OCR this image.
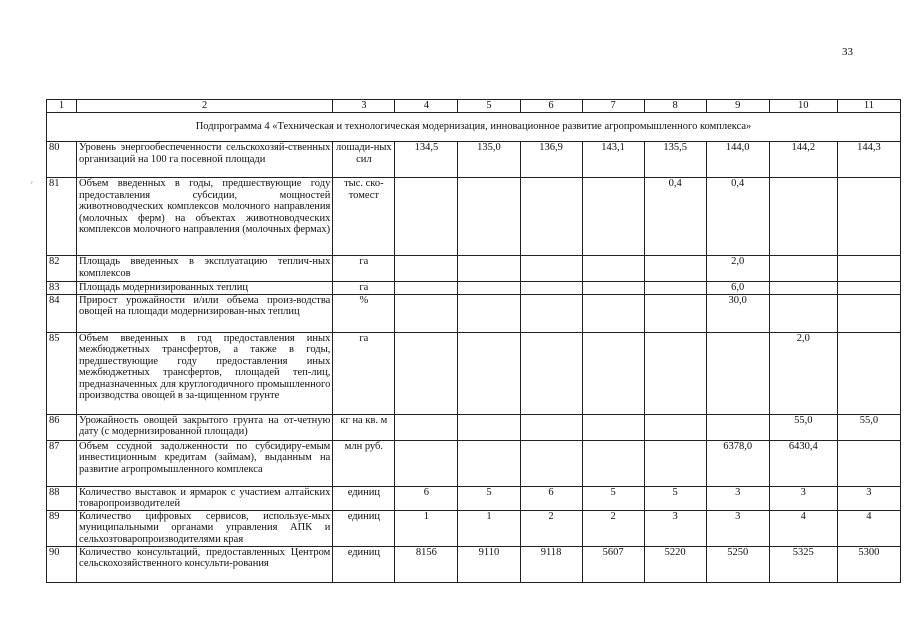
33
′
1	2	3	4	5	6	7	8	9	10	11
Подпрограмма 4 «Техническая и технологическая модернизация, инновационное развитие агропромышленного комплекса»										
80	Уровень энергообеспеченности сельскохозяй-ственных организаций на 100 га посевной площади	лошади-ных сил	134,5	135,0	136,9	143,1	135,5	144,0	144,2	144,3
81	Объем введенных в годы, предшествующие году предоставления субсидии, мощностей животноводческих комплексов молочного направления (молочных ферм) на объектах животноводческих комплексов молочного направления (молочных фермах)	тыс. ско-томест					0,4	0,4		
82	Площадь введенных в эксплуатацию теплич-ных комплексов	га						2,0		
83	Площадь модернизированных теплиц	га						6,0		
84	Прирост урожайности и/или объема произ-водства овощей на площади модернизирован-ных теплиц	%						30,0		
85	Объем введенных в год предоставления иных межбюджетных трансфертов, а также в годы, предшествующие году предоставления иных межбюджетных трансфертов, площадей теп-лиц, предназначенных для круглогодичного промышленного производства овощей в за-щищенном грунте	га							2,0	
86	Урожайность овощей закрытого грунта на от-четную дату (с модернизированной площади)	кг на кв. м							55,0	55,0
87	Объем ссудной задолженности по субсидиру-емым инвестиционным кредитам (займам), выданным на развитие агропромышленного комплекса	млн руб.						6378,0	6430,4	
88	Количество выставок и ярмарок с участием алтайских товаропроизводителей	единиц	6	5	6	5	5	3	3	3
89	Количество цифровых сервисов, использує-мых муниципальными органами управления АПК и сельхозтоваропроизводителями края	единиц	1	1	2	2	3	3	4	4
90	Количество консультаций, предоставленных Центром сельскохозяйственного консульти-рования	единиц	8156	9110	9118	5607	5220	5250	5325	5300
